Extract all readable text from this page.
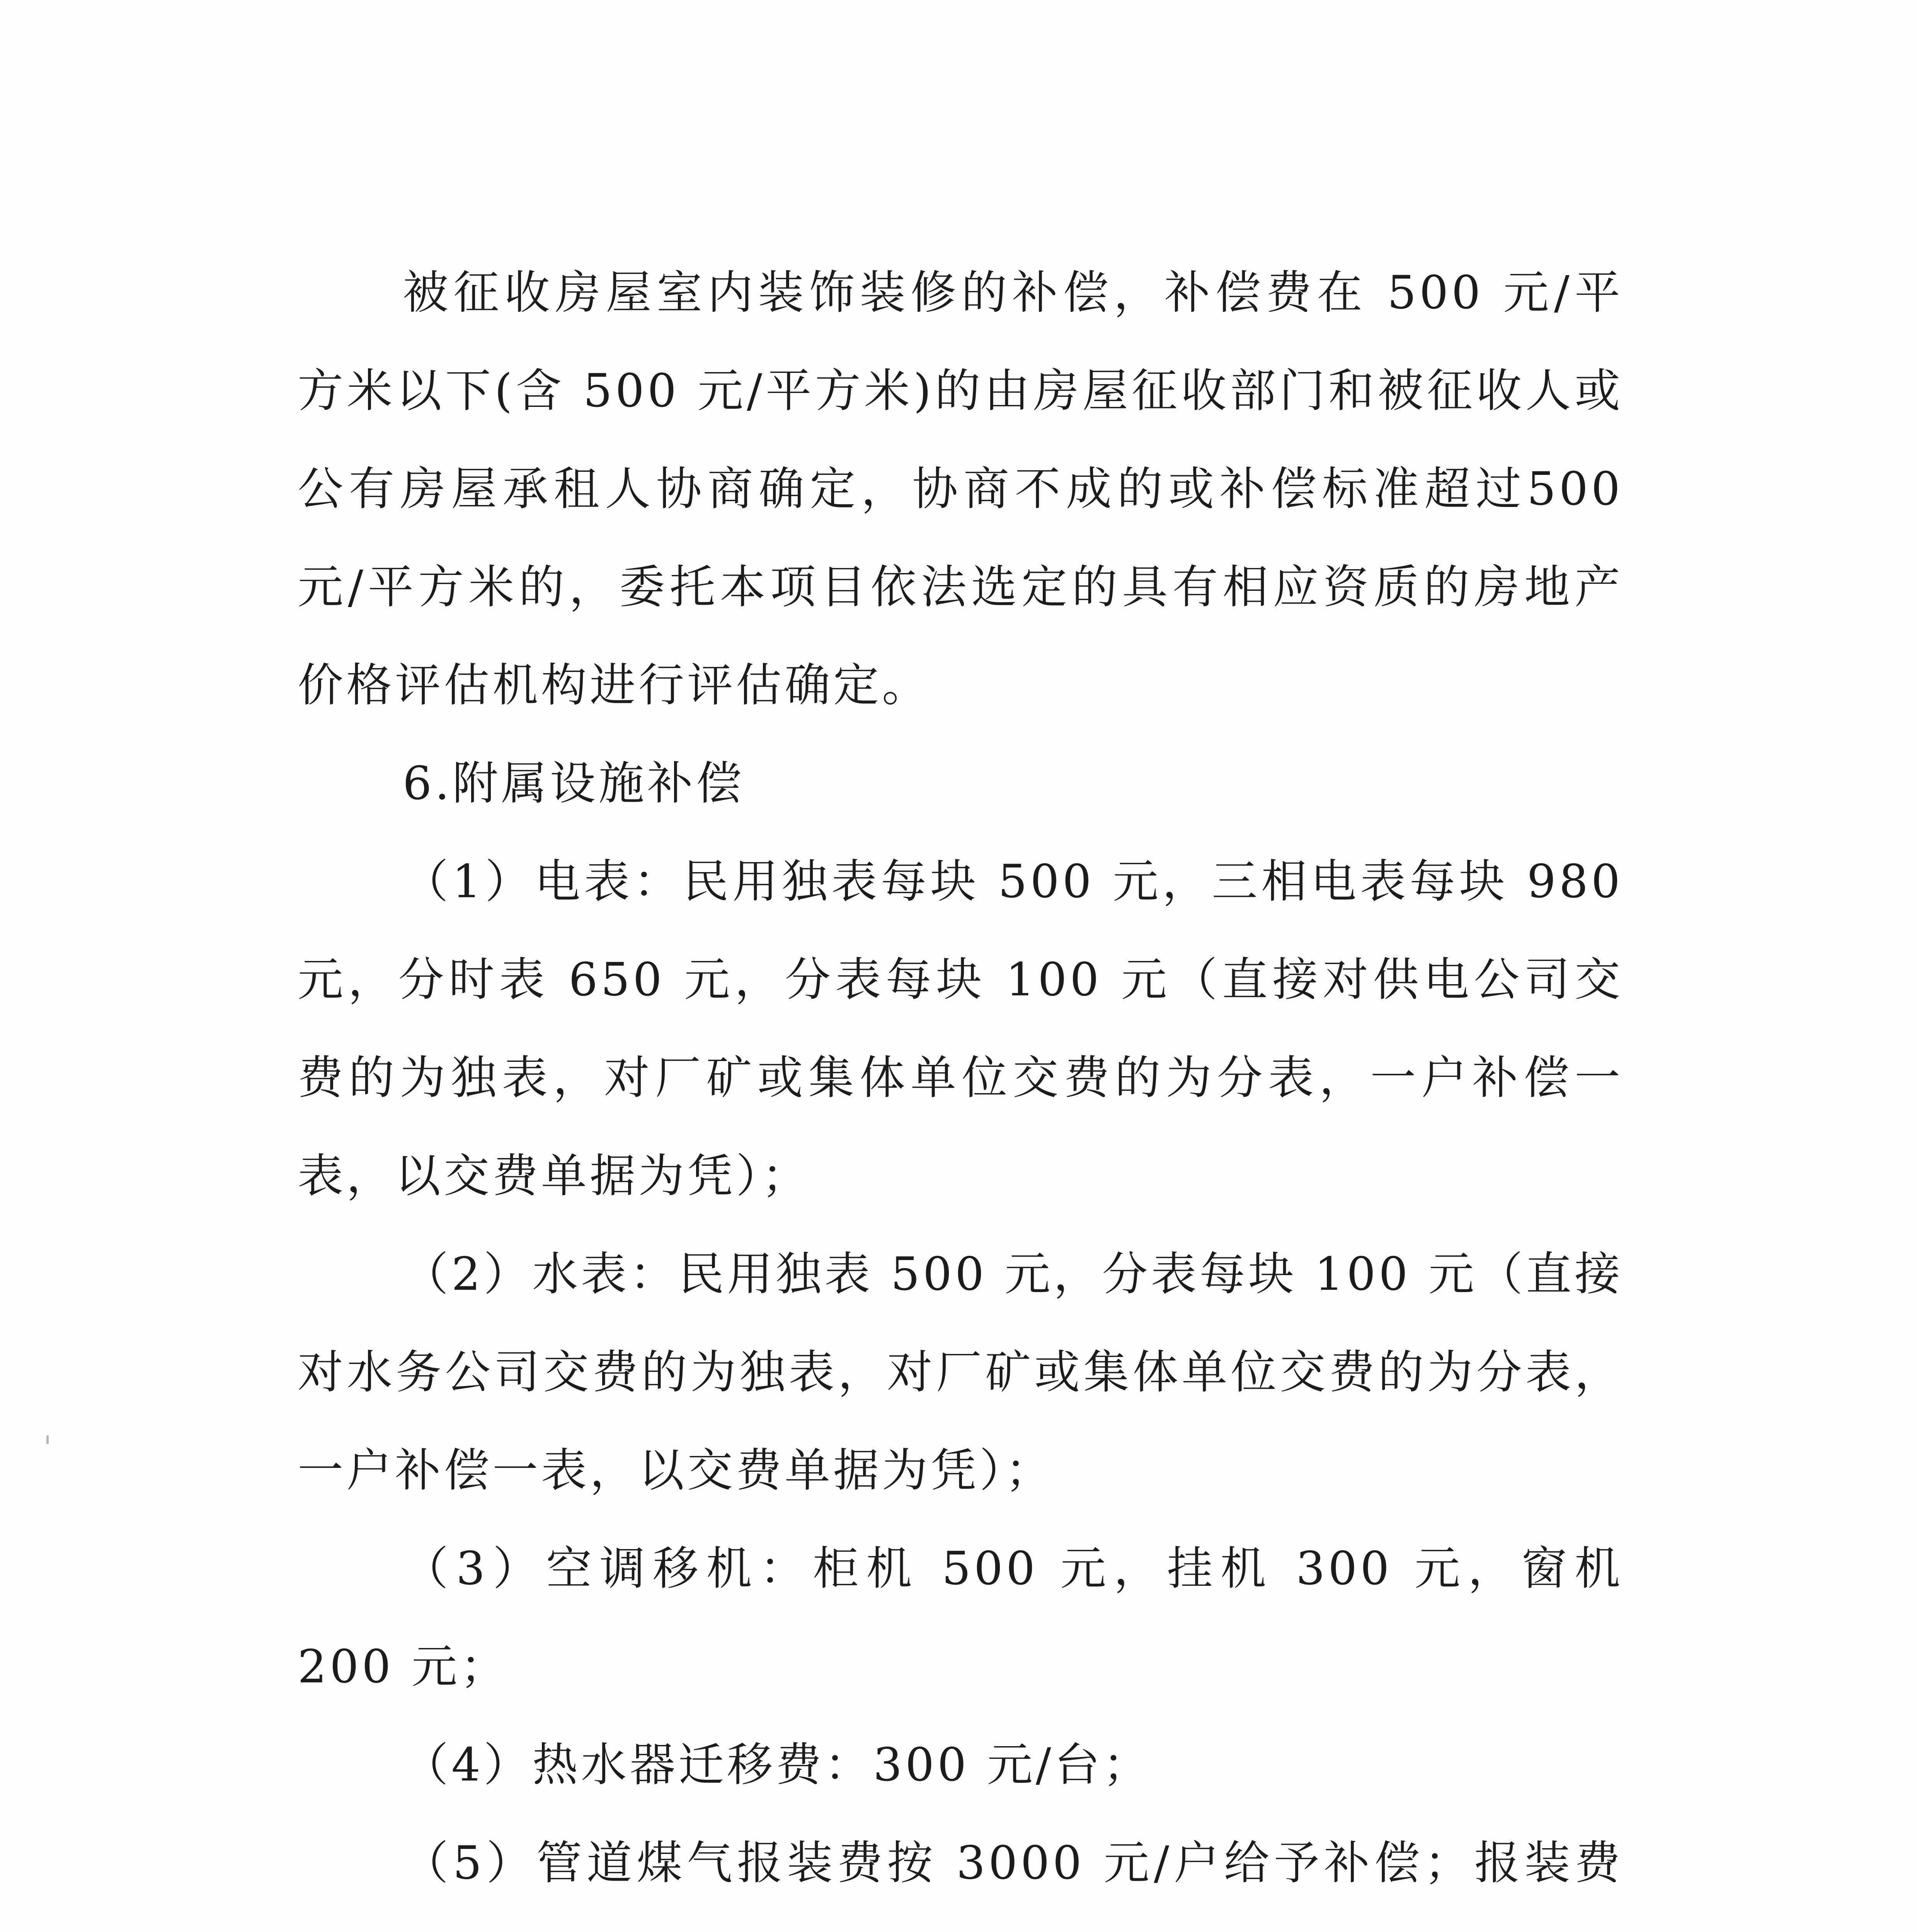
被征收房屋室内装饰装修的补偿，补偿费在 500 元/平方米以下(含 500 元/平方米)的由房屋征收部门和被征收人或公有房屋承租人协商确定，协商不成的或补偿标准超过500元/平方米的，委托本项目依法选定的具有相应资质的房地产价格评估机构进行评估确定。

6.附属设施补偿

（1）电表：民用独表每块 500 元，三相电表每块 980 元，分时表 650 元，分表每块 100 元（直接对供电公司交费的为独表，对厂矿或集体单位交费的为分表，一户补偿一表，以交费单据为凭）；

（2）水表：民用独表 500 元，分表每块 100 元（直接对水务公司交费的为独表，对厂矿或集体单位交费的为分表，一户补偿一表，以交费单据为凭）；

（3）空调移机：柜机 500 元，挂机 300 元，窗机 200 元；

（4）热水器迁移费：300 元/台；

（5）管道煤气报装费按 3000 元/户给予补偿；报装费
